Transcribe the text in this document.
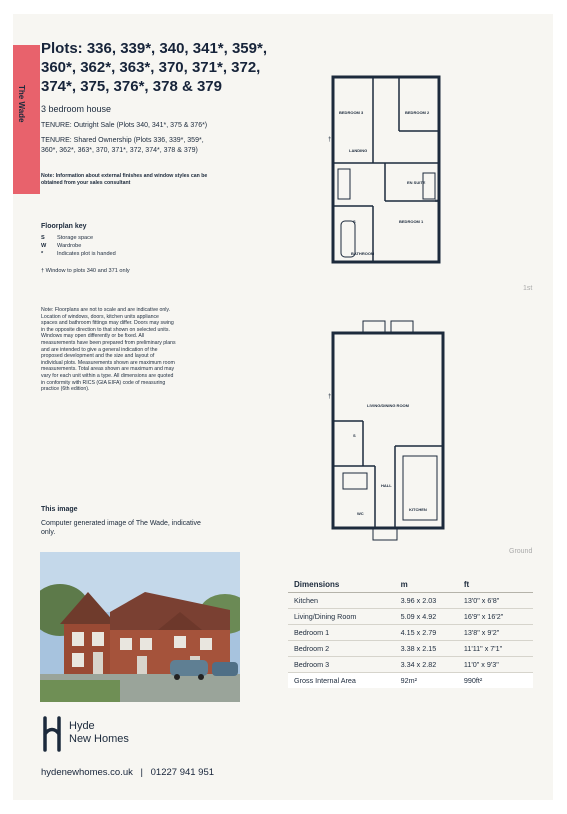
The Wade
Plots: 336, 339*, 340, 341*, 359*,
360*, 362*, 363*, 370, 371*, 372,
374*, 375, 376*, 378 & 379
3 bedroom house
TENURE: Outright Sale (Plots 340, 341*, 375 & 376*)
TENURE: Shared Ownership (Plots 336, 339*, 359*,
360*, 362*, 363*, 370, 371*, 372, 374*, 378 & 379)
Note: Information about external finishes and window styles can be obtained from your sales consultant
Floorplan key
S Storage space
W Wardrobe
* Indicates plot is handed
† Window to plots 340 and 371 only
Note: Floorplans are not to scale and are indicative only. Location of windows, doors, kitchen units appliance spaces and bathroom fittings may differ. Doors may swing in the opposite direction to that shown on selected units. Windows may open differently or be fixed. All measurements have been prepared from preliminary plans and are intended to give a general indication of the proposed development and the size and layout of individual plots. Measurements shown are maximum room measurements. Total areas shown are maximum and may vary for each unit within a type. All dimensions are quoted in conformity with RICS (GIA EIFA) code of measuring practice (6th edition).
This image
Computer generated image of The Wade, indicative only.
1st
Ground
BEDROOM 3	BEDROOM 2
LANDING
EN SUITE
BEDROOM 1
BATHROOM
S
W
†
LIVING/DINING ROOM
HALL
KITCHEN
WC
S
†
Dimensions	m	ft
Kitchen	3.96 x 2.03	13'0" x 6'8"
Living/Dining Room	5.09 x 4.92	16'9" x 16'2"
Bedroom 1	4.15 x 2.79	13'8" x 9'2"
Bedroom 2	3.38 x 2.15	11'11" x 7'1"
Bedroom 3	3.34 x 2.82	11'0" x 9'3"
Gross Internal Area	92m²	990ft²
Hyde
New Homes
hydenewhomes.co.uk | 01227 941 951
